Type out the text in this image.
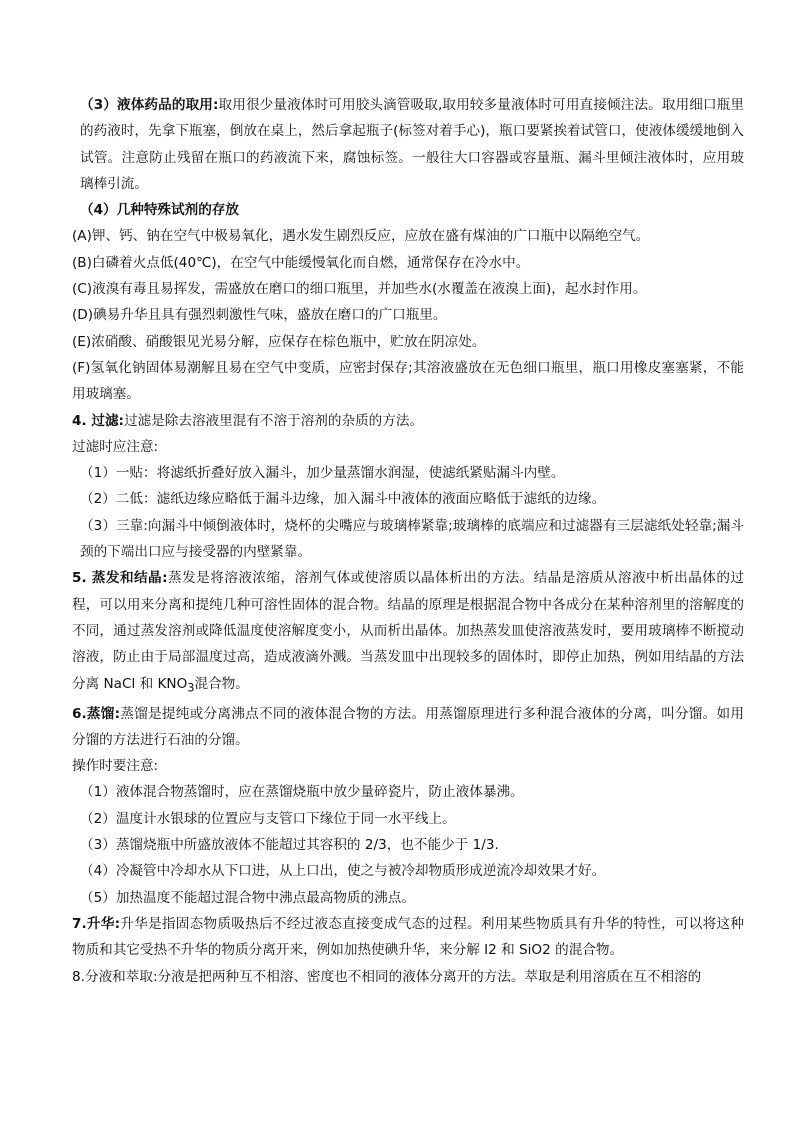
（3）液体药品的取用:取用很少量液体时可用胶头滴管吸取,取用较多量液体时可用直接倾注法。取用细口瓶里的药液时，先拿下瓶塞，倒放在桌上，然后拿起瓶子(标签对着手心)，瓶口要紧挨着试管口，使液体缓缓地倒入试管。注意防止残留在瓶口的药液流下来，腐蚀标签。一般往大口容器或容量瓶、漏斗里倾注液体时，应用玻璃棒引流。

（4）几种特殊试剂的存放

(A)钾、钙、钠在空气中极易氧化，遇水发生剧烈反应，应放在盛有煤油的广口瓶中以隔绝空气。

(B)白磷着火点低(40℃)，在空气中能缓慢氧化而自燃，通常保存在冷水中。

(C)液溴有毒且易挥发，需盛放在磨口的细口瓶里，并加些水(水覆盖在液溴上面)，起水封作用。

(D)碘易升华且具有强烈刺激性气味，盛放在磨口的广口瓶里。

(E)浓硝酸、硝酸银见光易分解，应保存在棕色瓶中，贮放在阴凉处。

(F)氢氧化钠固体易潮解且易在空气中变质，应密封保存;其溶液盛放在无色细口瓶里，瓶口用橡皮塞塞紧，不能用玻璃塞。

4. 过滤:过滤是除去溶液里混有不溶于溶剂的杂质的方法。

过滤时应注意:

（1）一贴：将滤纸折叠好放入漏斗，加少量蒸馏水润湿，使滤纸紧贴漏斗内壁。

（2）二低：滤纸边缘应略低于漏斗边缘，加入漏斗中液体的液面应略低于滤纸的边缘。

（3）三靠:向漏斗中倾倒液体时，烧杯的尖嘴应与玻璃棒紧靠;玻璃棒的底端应和过滤器有三层滤纸处轻靠;漏斗颈的下端出口应与接受器的内壁紧靠。

5. 蒸发和结晶:蒸发是将溶液浓缩，溶剂气体或使溶质以晶体析出的方法。结晶是溶质从溶液中析出晶体的过程，可以用来分离和提纯几种可溶性固体的混合物。结晶的原理是根据混合物中各成分在某种溶剂里的溶解度的不同，通过蒸发溶剂或降低温度使溶解度变小，从而析出晶体。加热蒸发皿使溶液蒸发时，要用玻璃棒不断搅动溶液，防止由于局部温度过高，造成液滴外溅。当蒸发皿中出现较多的固体时，即停止加热，例如用结晶的方法分离 NaCl 和 $KNO_3$混合物。

6.蒸馏:蒸馏是提纯或分离沸点不同的液体混合物的方法。用蒸馏原理进行多种混合液体的分离，叫分馏。如用分馏的方法进行石油的分馏。

操作时要注意:

（1）液体混合物蒸馏时，应在蒸馏烧瓶中放少量碎瓷片，防止液体暴沸。

（2）温度计水银球的位置应与支管口下缘位于同一水平线上。

（3）蒸馏烧瓶中所盛放液体不能超过其容积的 2/3，也不能少于 1/3.

（4）冷凝管中冷却水从下口进，从上口出，使之与被冷却物质形成逆流冷却效果才好。

（5）加热温度不能超过混合物中沸点最高物质的沸点。

7.升华:升华是指固态物质吸热后不经过液态直接变成气态的过程。利用某些物质具有升华的特性，可以将这种物质和其它受热不升华的物质分离开来，例如加热使碘升华，来分解 I2 和 SiO2 的混合物。

8.分液和萃取:分液是把两种互不相溶、密度也不相同的液体分离开的方法。萃取是利用溶质在互不相溶的
